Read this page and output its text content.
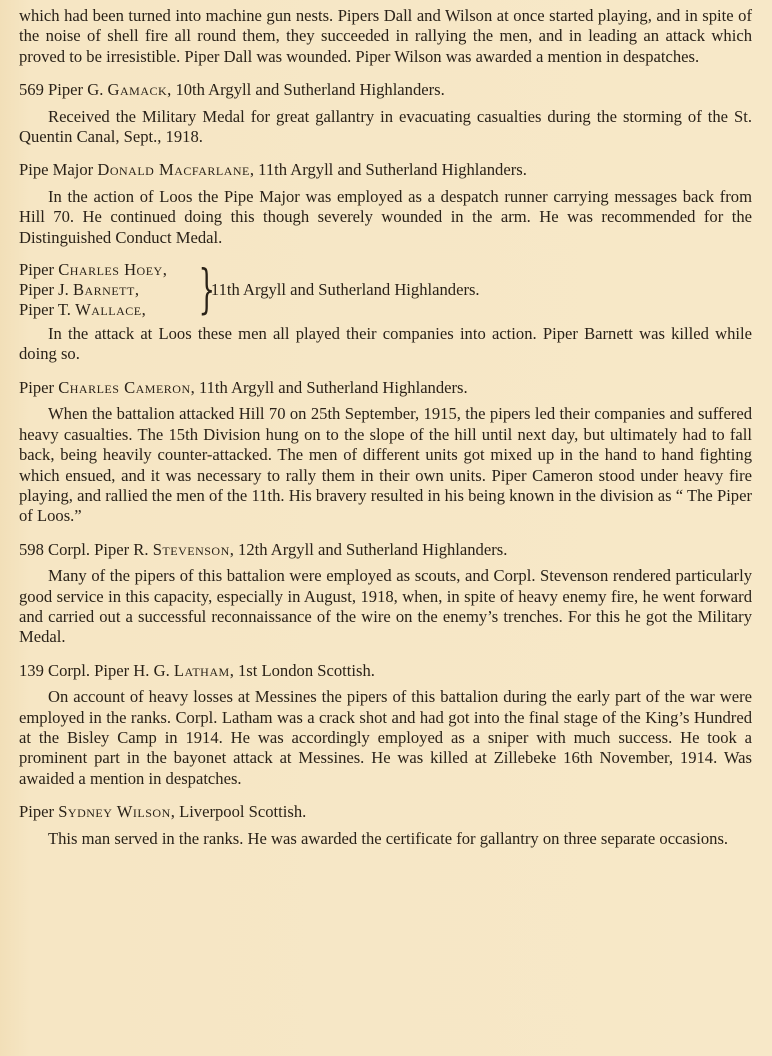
which had been turned into machine gun nests. Pipers Dall and Wilson at once started playing, and in spite of the noise of shell fire all round them, they succeeded in rallying the men, and in leading an attack which proved to be irresistible. Piper Dall was wounded. Piper Wilson was awarded a mention in despatches.

569 Piper G. Gamack, 10th Argyll and Sutherland Highlanders.

Received the Military Medal for great gallantry in evacuating casualties during the storming of the St. Quentin Canal, Sept., 1918.

Pipe Major Donald Macfarlane, 11th Argyll and Sutherland Highlanders.

In the action of Loos the Pipe Major was employed as a despatch runner carrying messages back from Hill 70. He continued doing this though severely wounded in the arm. He was recommended for the Distinguished Conduct Medal.

Piper Charles Hoey,

Piper J. Barnett,

Piper T. Wallace,	}
11th Argyll and Sutherland Highlanders.

In the attack at Loos these men all played their companies into action. Piper Barnett was killed while doing so.

Piper Charles Cameron, 11th Argyll and Sutherland Highlanders.

When the battalion attacked Hill 70 on 25th September, 1915, the pipers led their companies and suffered heavy casualties. The 15th Division hung on to the slope of the hill until next day, but ultimately had to fall back, being heavily counter-attacked. The men of different units got mixed up in the hand to hand fighting which ensued, and it was necessary to rally them in their own units. Piper Cameron stood under heavy fire playing, and rallied the men of the 11th. His bravery resulted in his being known in the division as “ The Piper of Loos.”

598 Corpl. Piper R. Stevenson, 12th Argyll and Sutherland Highlanders.

Many of the pipers of this battalion were employed as scouts, and Corpl. Stevenson rendered particularly good service in this capacity, especially in August, 1918, when, in spite of heavy enemy fire, he went forward and carried out a successful reconnaissance of the wire on the enemy’s trenches. For this he got the Military Medal.

139 Corpl. Piper H. G. Latham, 1st London Scottish.

On account of heavy losses at Messines the pipers of this battalion during the early part of the war were employed in the ranks. Corpl. Latham was a crack shot and had got into the final stage of the King’s Hundred at the Bisley Camp in 1914. He was accordingly employed as a sniper with much success. He took a prominent part in the bayonet attack at Messines. He was killed at Zillebeke 16th November, 1914. Was awaided a mention in despatches.

Piper Sydney Wilson, Liverpool Scottish.

This man served in the ranks. He was awarded the certificate for gallantry on three separate occasions.
